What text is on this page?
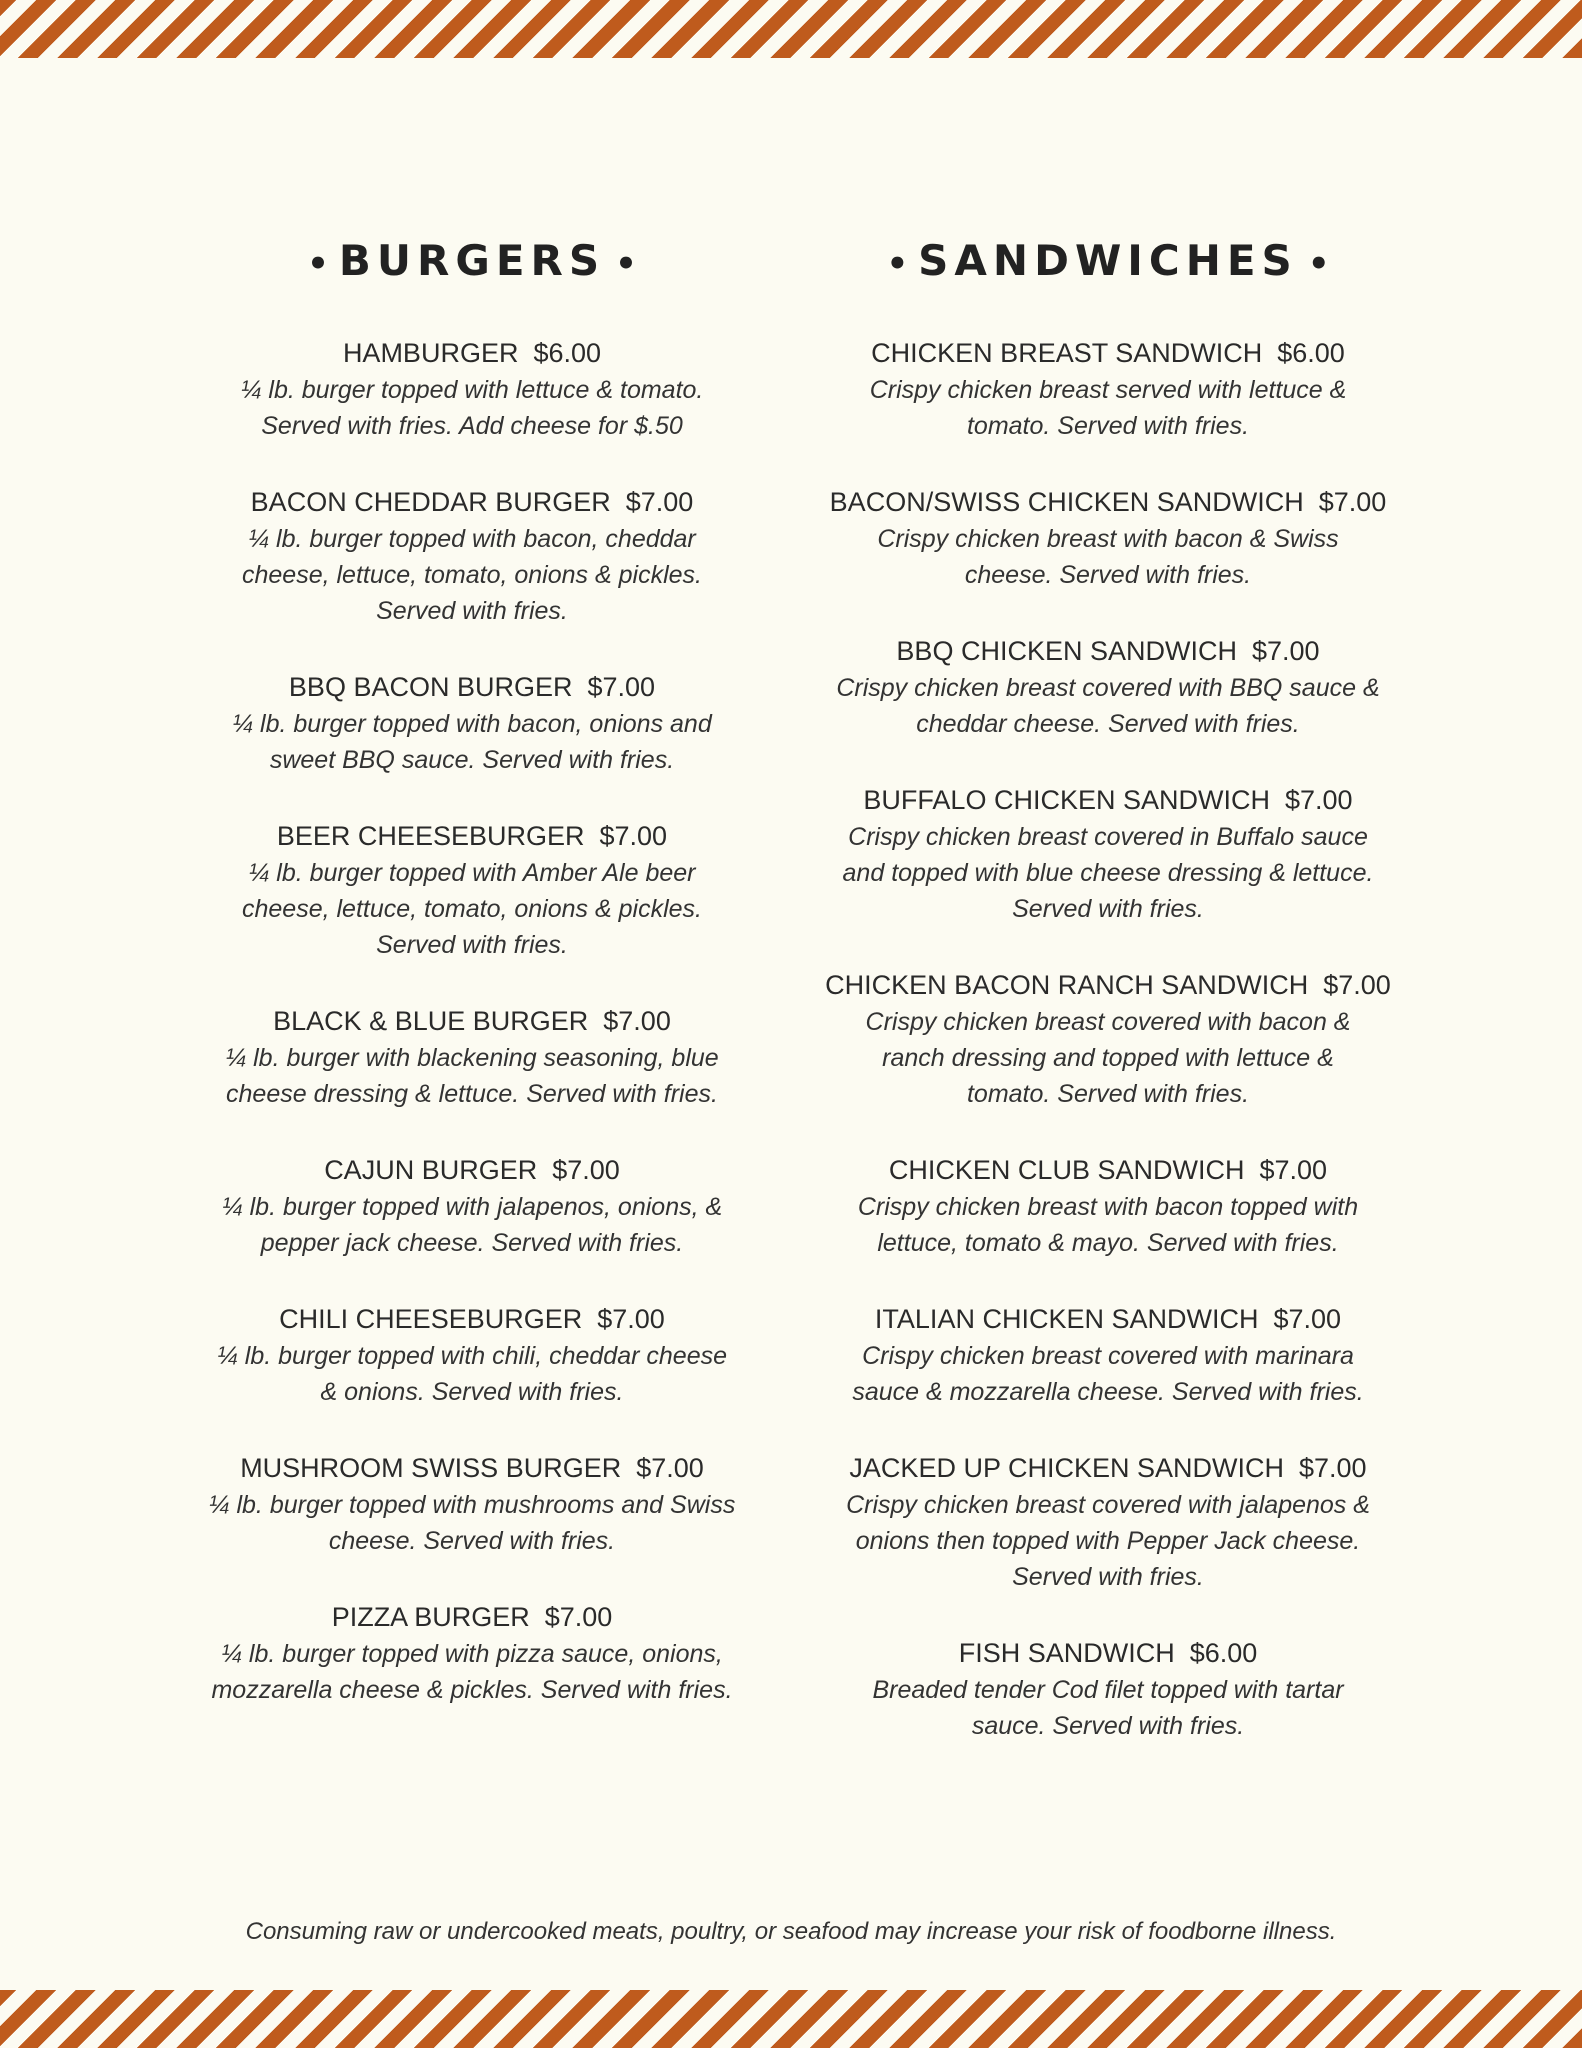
• BURGERS •
HAMBURGER $6.00
¼ lb. burger topped with lettuce & tomato.
Served with fries. Add cheese for $.50
BACON CHEDDAR BURGER $7.00
¼ lb. burger topped with bacon, cheddar
cheese, lettuce, tomato, onions & pickles.
Served with fries.
BBQ BACON BURGER $7.00
¼ lb. burger topped with bacon, onions and
sweet BBQ sauce. Served with fries.
BEER CHEESEBURGER $7.00
¼ lb. burger topped with Amber Ale beer
cheese, lettuce, tomato, onions & pickles.
Served with fries.
BLACK & BLUE BURGER $7.00
¼ lb. burger with blackening seasoning, blue
cheese dressing & lettuce. Served with fries.
CAJUN BURGER $7.00
¼ lb. burger topped with jalapenos, onions, &
pepper jack cheese. Served with fries.
CHILI CHEESEBURGER $7.00
¼ lb. burger topped with chili, cheddar cheese
& onions. Served with fries.
MUSHROOM SWISS BURGER $7.00
¼ lb. burger topped with mushrooms and Swiss
cheese. Served with fries.
PIZZA BURGER $7.00
¼ lb. burger topped with pizza sauce, onions,
mozzarella cheese & pickles. Served with fries.
• SANDWICHES •
CHICKEN BREAST SANDWICH $6.00
Crispy chicken breast served with lettuce &
tomato. Served with fries.
BACON/SWISS CHICKEN SANDWICH $7.00
Crispy chicken breast with bacon & Swiss
cheese. Served with fries.
BBQ CHICKEN SANDWICH $7.00
Crispy chicken breast covered with BBQ sauce &
cheddar cheese. Served with fries.
BUFFALO CHICKEN SANDWICH $7.00
Crispy chicken breast covered in Buffalo sauce
and topped with blue cheese dressing & lettuce.
Served with fries.
CHICKEN BACON RANCH SANDWICH $7.00
Crispy chicken breast covered with bacon &
ranch dressing and topped with lettuce &
tomato. Served with fries.
CHICKEN CLUB SANDWICH $7.00
Crispy chicken breast with bacon topped with
lettuce, tomato & mayo. Served with fries.
ITALIAN CHICKEN SANDWICH $7.00
Crispy chicken breast covered with marinara
sauce & mozzarella cheese. Served with fries.
JACKED UP CHICKEN SANDWICH $7.00
Crispy chicken breast covered with jalapenos &
onions then topped with Pepper Jack cheese.
Served with fries.
FISH SANDWICH $6.00
Breaded tender Cod filet topped with tartar
sauce. Served with fries.
Consuming raw or undercooked meats, poultry, or seafood may increase your risk of foodborne illness.
